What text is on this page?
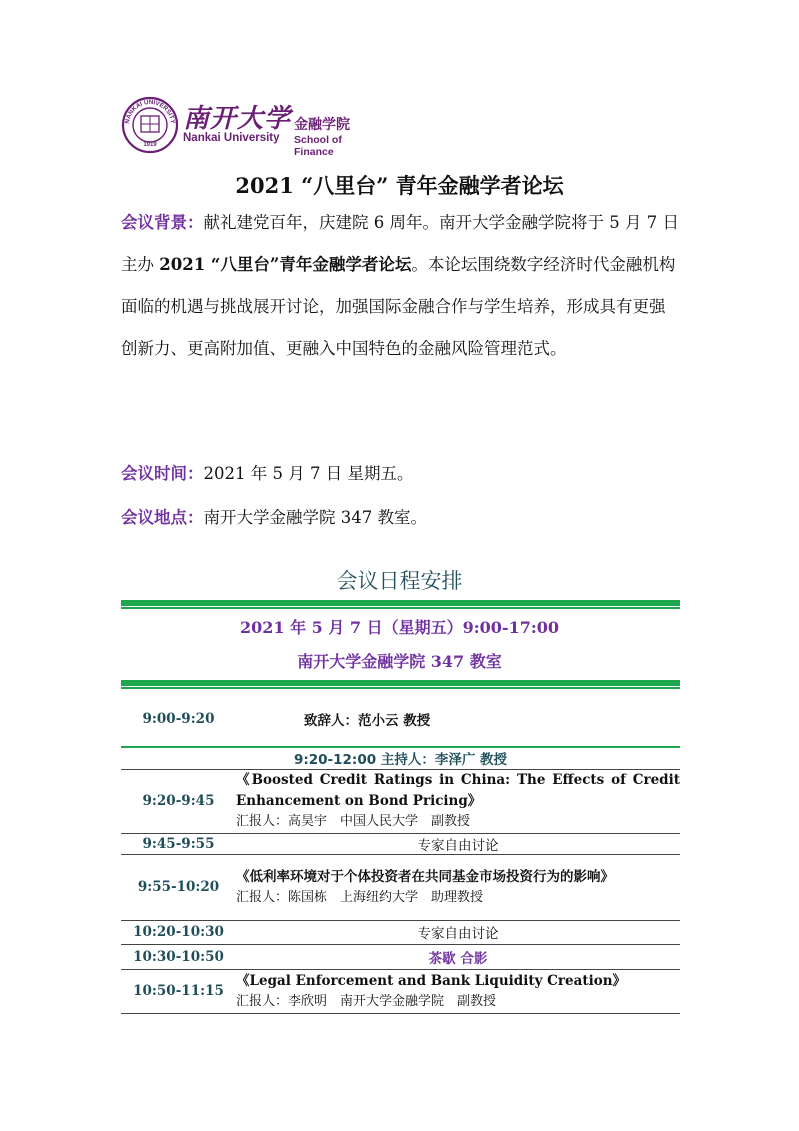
NANKAI UNIVERSITY
1919
南开大学
Nankai University
金融学院
School of Finance
2021 “八里台” 青年金融学者论坛
会议背景：献礼建党百年，庆建院 6 周年。南开大学金融学院将于 5 月 7 日主办 2021 “八里台”青年金融学者论坛。本论坛围绕数字经济时代金融机构面临的机遇与挑战展开讨论，加强国际金融合作与学生培养，形成具有更强创新力、更高附加值、更融入中国特色的金融风险管理范式。
会议时间：2021 年 5 月 7 日 星期五。
会议地点：南开大学金融学院 347 教室。
会议日程安排
2021 年 5 月 7 日（星期五）9:00-17:00
南开大学金融学院 347 教室
9:00-9:20	致辞人：范小云 教授
9:20-12:00 主持人：李泽广 教授	
9:20-9:45	《Boosted Credit Ratings in China: The Effects of Credit Enhancement on Bond Pricing》
汇报人：高昊宇　中国人民大学　副教授

9:45-9:55	专家自由讨论
9:55-10:20	《低利率环境对于个体投资者在共同基金市场投资行为的影响》
汇报人：陈国栋　上海纽约大学　助理教授

10:20-10:30	专家自由讨论
10:30-10:50	茶歇 合影
10:50-11:15	《Legal Enforcement and Bank Liquidity Creation》
汇报人：李欣明　南开大学金融学院　副教授
